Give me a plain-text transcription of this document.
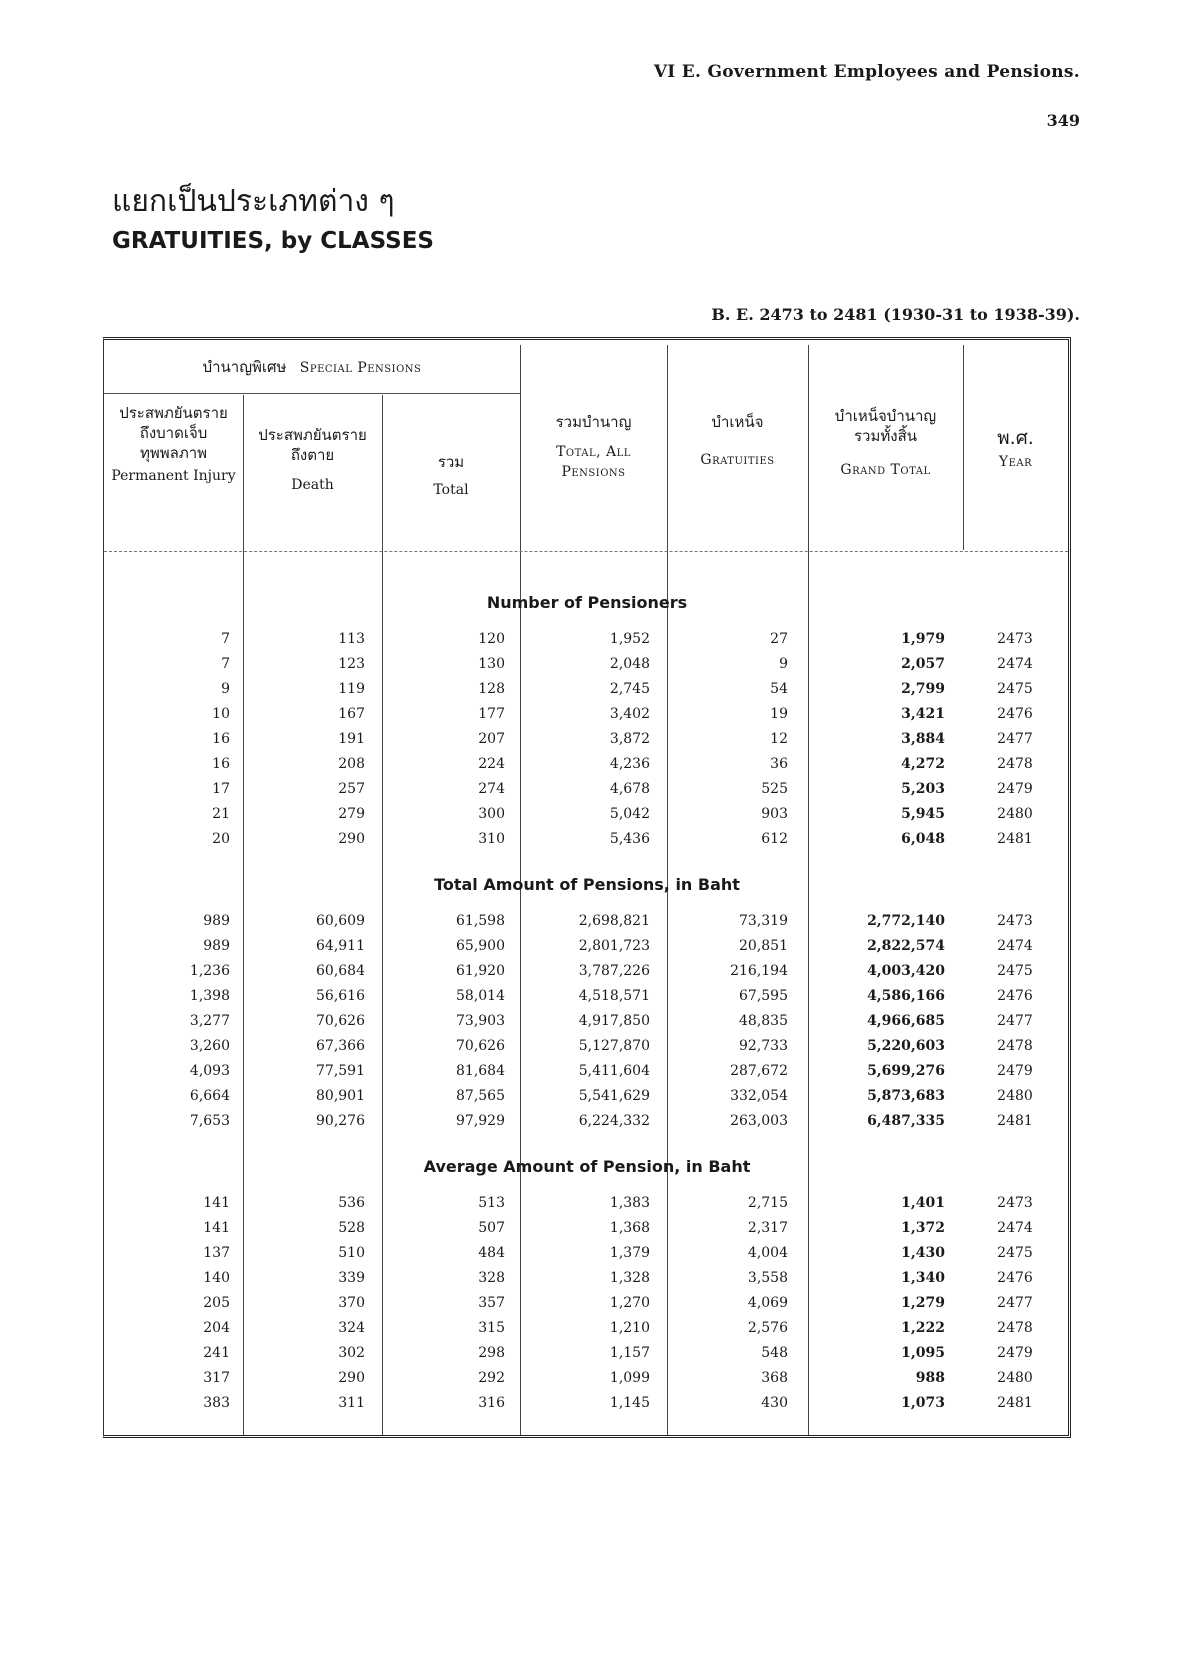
VI E. Government Employees and Pensions.
349
แยกเป็นประเภทต่าง ๆ
GRATUITIES, by CLASSES
B. E. 2473 to 2481 (1930-31 to 1938-39).
บำนาญพิเศษ Special Pensions
ประสพภยันตราย
ถึงบาดเจ็บ
ทุพพลภาพ
Permanent Injury
ประสพภยันตราย
ถึงตาย
Death
รวม
Total
รวมบำนาญ
Total, All
Pensions
บำเหน็จ
Gratuities
บำเหน็จบำนาญ
รวมทั้งสิ้น
Grand Total
พ.ศ.
Year
Number of Pensioners
Total Amount of Pensions, in Baht
Average Amount of Pension, in Baht
7	113	120	1,952	27	1,979	2473
7	123	130	2,048	9	2,057	2474
9	119	128	2,745	54	2,799	2475
10	167	177	3,402	19	3,421	2476
16	191	207	3,872	12	3,884	2477
16	208	224	4,236	36	4,272	2478
17	257	274	4,678	525	5,203	2479
21	279	300	5,042	903	5,945	2480
20	290	310	5,436	612	6,048	2481
989	60,609	61,598	2,698,821	73,319	2,772,140	2473
989	64,911	65,900	2,801,723	20,851	2,822,574	2474
1,236	60,684	61,920	3,787,226	216,194	4,003,420	2475
1,398	56,616	58,014	4,518,571	67,595	4,586,166	2476
3,277	70,626	73,903	4,917,850	48,835	4,966,685	2477
3,260	67,366	70,626	5,127,870	92,733	5,220,603	2478
4,093	77,591	81,684	5,411,604	287,672	5,699,276	2479
6,664	80,901	87,565	5,541,629	332,054	5,873,683	2480
7,653	90,276	97,929	6,224,332	263,003	6,487,335	2481
141	536	513	1,383	2,715	1,401	2473
141	528	507	1,368	2,317	1,372	2474
137	510	484	1,379	4,004	1,430	2475
140	339	328	1,328	3,558	1,340	2476
205	370	357	1,270	4,069	1,279	2477
204	324	315	1,210	2,576	1,222	2478
241	302	298	1,157	548	1,095	2479
317	290	292	1,099	368	988	2480
383	311	316	1,145	430	1,073	2481
